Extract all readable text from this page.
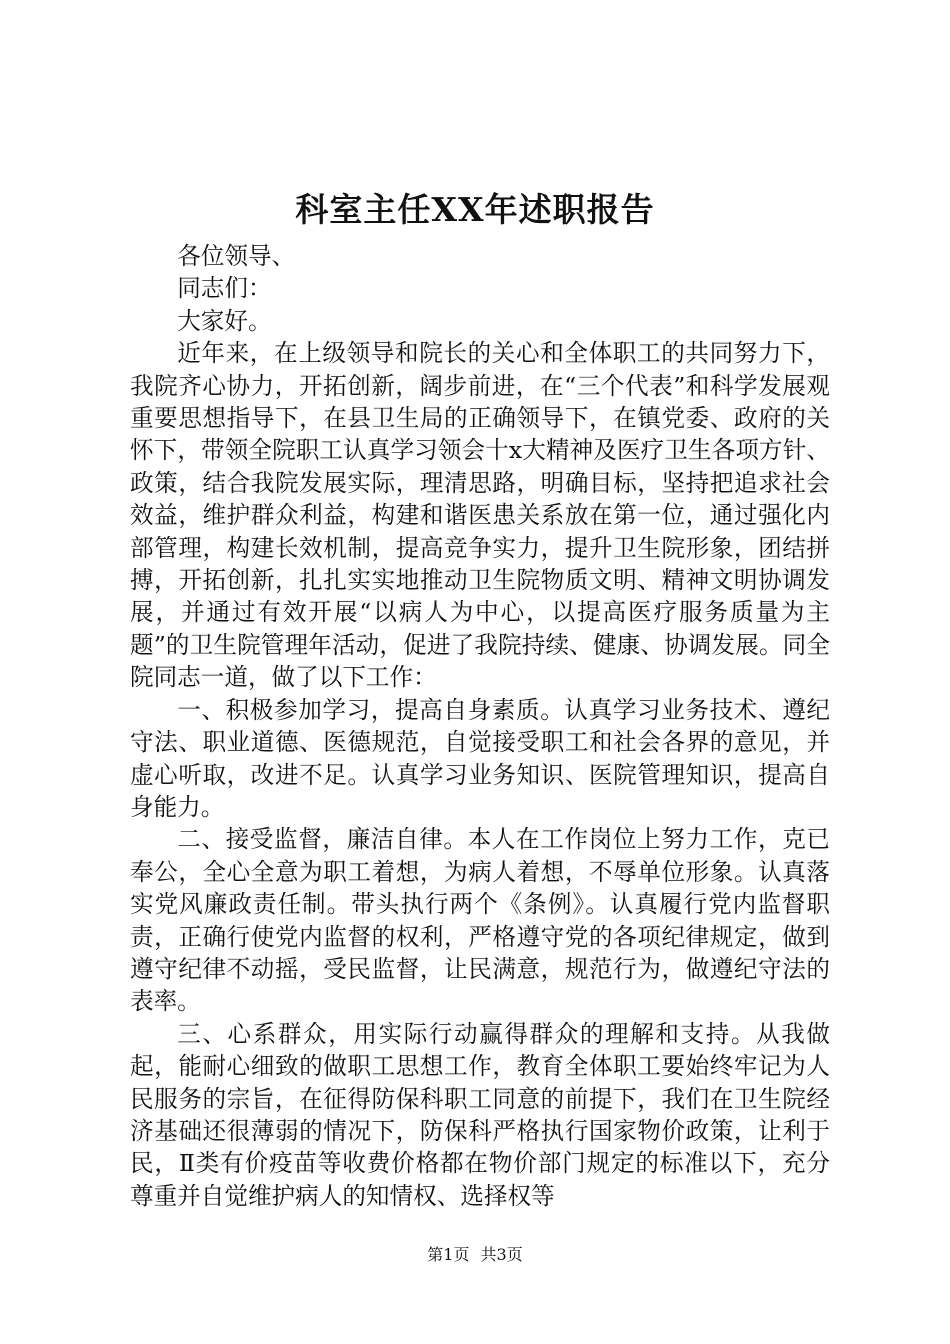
科室主任XX年述职报告

各位领导、

同志们：

大家好。

近年来，在上级领导和院长的关心和全体职工的共同努力下，我院齐心协力，开拓创新，阔步前进，在“三个代表”和科学发展观重要思想指导下，在县卫生局的正确领导下，在镇党委、政府的关怀下，带领全院职工认真学习领会十x大精神及医疗卫生各项方针、政策，结合我院发展实际，理清思路，明确目标，坚持把追求社会效益，维护群众利益，构建和谐医患关系放在第一位，通过强化内部管理，构建长效机制，提高竞争实力，提升卫生院形象，团结拼搏，开拓创新，扎扎实实地推动卫生院物质文明、精神文明协调发展，并通过有效开展“以病人为中心，以提高医疗服务质量为主题”的卫生院管理年活动，促进了我院持续、健康、协调发展。同全院同志一道，做了以下工作：

一、积极参加学习，提高自身素质。认真学习业务技术、遵纪守法、职业道德、医德规范，自觉接受职工和社会各界的意见，并虚心听取，改进不足。认真学习业务知识、医院管理知识，提高自身能力。

二、接受监督，廉洁自律。本人在工作岗位上努力工作，克已奉公，全心全意为职工着想，为病人着想，不辱单位形象。认真落实党风廉政责任制。带头执行两个《条例》。认真履行党内监督职责，正确行使党内监督的权利，严格遵守党的各项纪律规定，做到遵守纪律不动摇，受民监督，让民满意，规范行为，做遵纪守法的表率。

三、心系群众，用实际行动赢得群众的理解和支持。从我做起，能耐心细致的做职工思想工作，教育全体职工要始终牢记为人民服务的宗旨，在征得防保科职工同意的前提下，我们在卫生院经济基础还很薄弱的情况下，防保科严格执行国家物价政策，让利于民，Ⅱ类有价疫苗等收费价格都在物价部门规定的标准以下，充分尊重并自觉维护病人的知情权、选择权等

第1页 共3页
